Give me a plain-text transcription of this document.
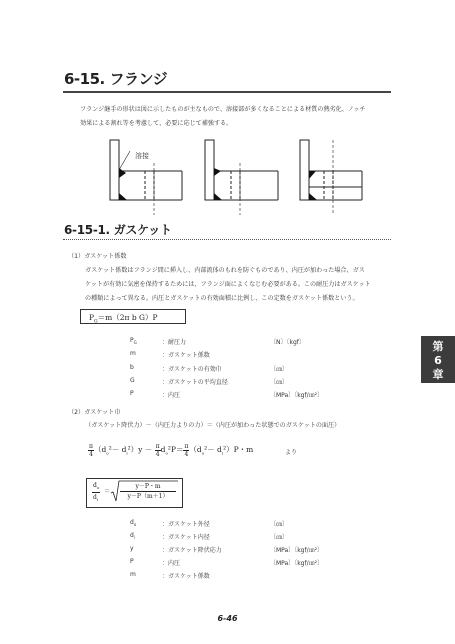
6-15. フランジ
フランジ継手の形状は図に示したものが主なもので、溶接部が多くなることによる材質の熱劣化、ノッチ
効果による割れ等を考慮して、必要に応じて補強する。
溶接
6-15-1. ガスケット
（1）ガスケット係数
ガスケット係数はフランジ間に挿入し、内部流体のもれを防ぐものであり、内圧が加わった場合、ガス
ケットが有効に気密を保持するためには、フランジ面によくなじむ必要がある。この耐圧力はガスケット
の種類によって異なる。内圧とガスケットの有効面積に比例し、この定数をガスケット係数という。
$P_G=m(2\pi$ b G）P
$P_G$	：耐圧力	〔N〕〔kgf〕
m	：ガスケット係数
b	：ガスケットの有効巾	〔㎝〕
G	：ガスケットの平均直径	〔㎝〕
P	：内圧	〔MPa〕〔kgf/㎝²〕
第
6
章
（2）ガスケット巾
（ガスケット降伏力）－（内圧力よりの力）＝（内圧が加わった状態でのガスケットの面圧）
$\frac{\pi}{4} (d_o^2- d_i^2)y - \frac{\pi}{4} d_o^2P= \frac{\pi}{4} (d_o^2- d_i^2)P$・m	より
$d_o$
$d_i$
＝ $\frac{y-P・m}{y-P(m+1)}$
$d_o$	：ガスケット外径	〔㎝〕
$d_i$	：ガスケット内径	〔㎝〕
y	：ガスケット降伏応力	〔MPa〕〔kgf/㎝²〕
P	：内圧	〔MPa〕〔kgf/㎝²〕
m	：ガスケット係数
6-46
